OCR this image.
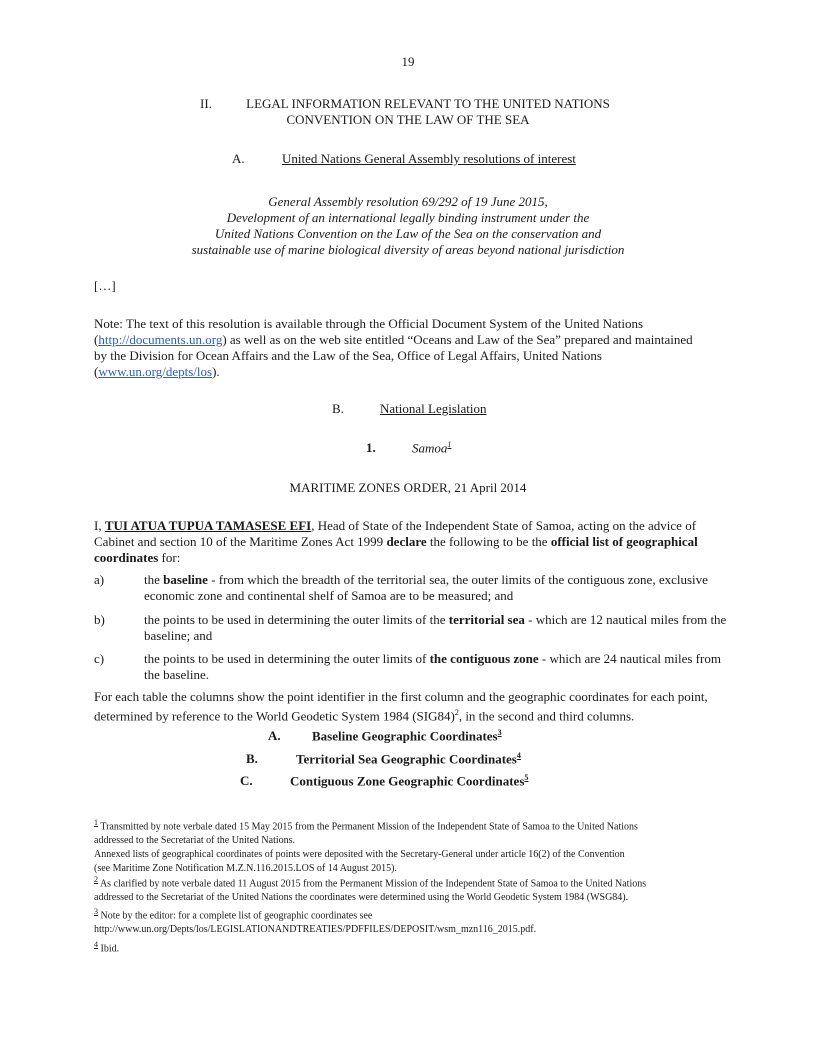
19
II.	LEGAL INFORMATION RELEVANT TO THE UNITED NATIONS
CONVENTION ON THE LAW OF THE SEA
A.	United Nations General Assembly resolutions of interest
General Assembly resolution 69/292 of 19 June 2015,
Development of an international legally binding instrument under the
United Nations Convention on the Law of the Sea on the conservation and
sustainable use of marine biological diversity of areas beyond national jurisdiction
[…]
Note: The text of this resolution is available through the Official Document System of the United Nations
(http://documents.un.org) as well as on the web site entitled “Oceans and Law of the Sea” prepared and maintained
by the Division for Ocean Affairs and the Law of the Sea, Office of Legal Affairs, United Nations
(www.un.org/depts/los).
B.	National Legislation
1.	Samoa$^1$
MARITIME ZONES ORDER, 21 April 2014
I, TUI ATUA TUPUA TAMASESE EFI, Head of State of the Independent State of Samoa, acting on the advice of
Cabinet and section 10 of the Maritime Zones Act 1999 declare the following to be the official list of geographical
coordinates for:
a)	the baseline - from which the breadth of the territorial sea, the outer limits of the contiguous zone, exclusive economic zone and continental shelf of Samoa are to be measured; and
b)	the points to be used in determining the outer limits of the territorial sea - which are 12 nautical miles from the baseline; and
c)	the points to be used in determining the outer limits of the contiguous zone - which are 24 nautical miles from the baseline.
For each table the columns show the point identifier in the first column and the geographic coordinates for each point,
determined by reference to the World Geodetic System 1984 $(SIG84)^2$, in the second and third columns.
A. Baseline Geographic Coordinates$^3$
B.	Territorial Sea Geographic Coordinates$^4$
C.	Contiguous Zone Geographic Coordinates$^5$
$^1$ Transmitted by note verbale dated 15 May 2015 from the Permanent Mission of the Independent State of Samoa to the United Nations
addressed to the Secretariat of the United Nations.
Annexed lists of geographical coordinates of points were deposited with the Secretary-General under article 16(2) of the Convention
(see Maritime Zone Notification M.Z.N.116.2015.LOS of 14 August 2015).
$^2$ As clarified by note verbale dated 11 August 2015 from the Permanent Mission of the Independent State of Samoa to the United Nations
addressed to the Secretariat of the United Nations the coordinates were determined using the World Geodetic System 1984 (WSG84).
$^3$ Note by the editor: for a complete list of geographic coordinates see
http://www.un.org/Depts/los/LEGISLATIONANDTREATIES/PDFFILES/DEPOSIT/wsm_mzn116_2015.pdf.
$^4$ Ibid.
